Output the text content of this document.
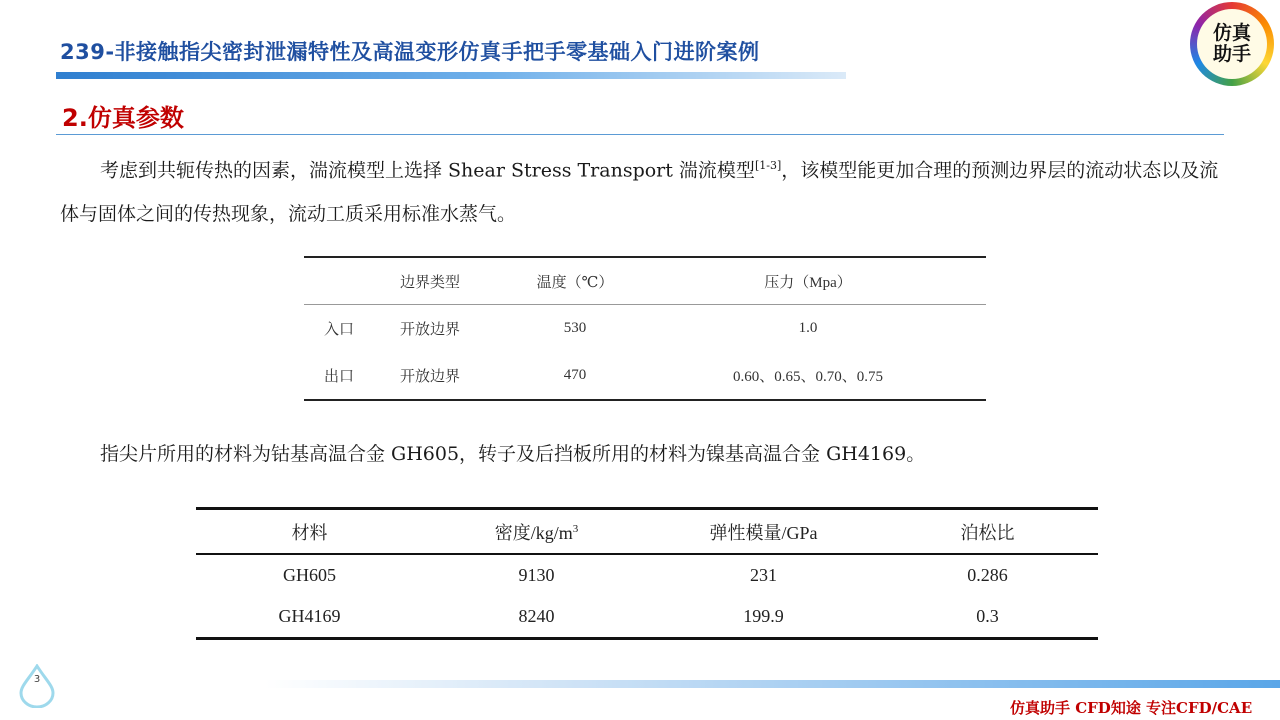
239-非接触指尖密封泄漏特性及高温变形仿真手把手零基础入门进阶案例
仿真
助手
2.仿真参数
考虑到共轭传热的因素，湍流模型上选择 Shear Stress Transport 湍流模型[1-3]，该模型能更加合理的预测边界层的流动状态以及流体与固体之间的传热现象，流动工质采用标准水蒸气。
	边界类型	温度（℃）	压力（Mpa）
入口	开放边界	530	1.0
出口	开放边界	470	0.60、0.65、0.70、0.75
指尖片所用的材料为钴基高温合金 GH605，转子及后挡板所用的材料为镍基高温合金 GH4169。
材料	密度$/kg/m^3$	弹性模量/GPa	泊松比
GH605	9130	231	0.286
GH4169	8240	199.9	0.3
3
仿真助手 CFD知途 专注CFD/CAE
